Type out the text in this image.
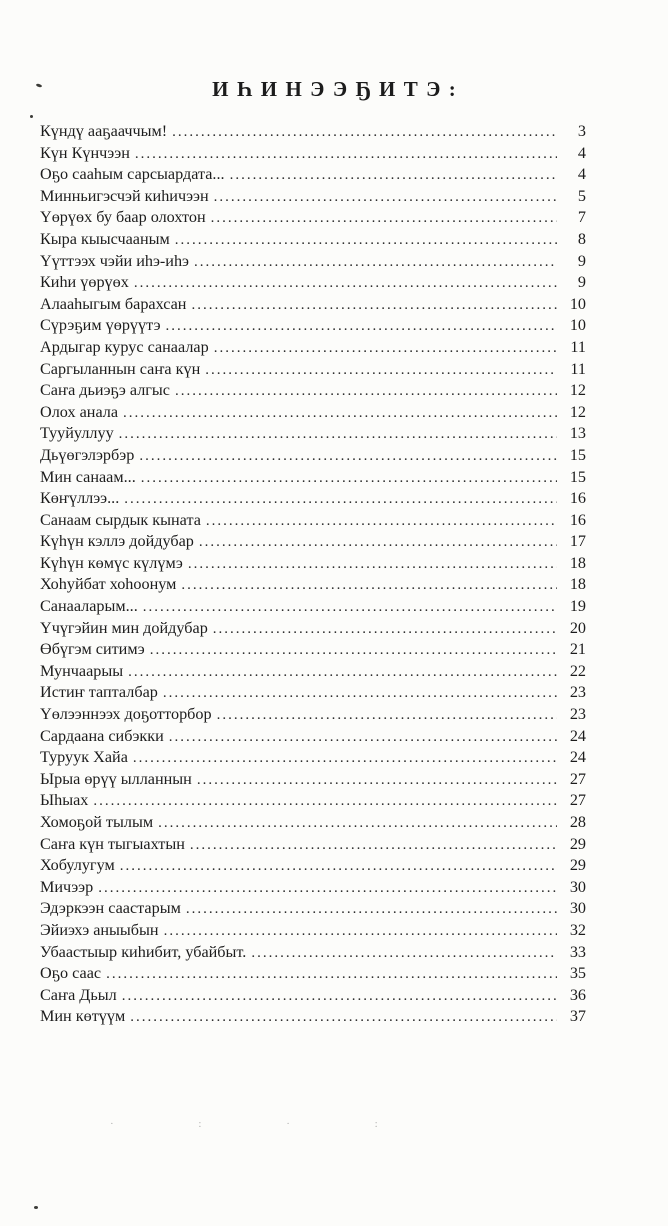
ИҺИНЭЭҔИТЭ:
Күндү ааҕааччым! .....	3
Күн Күнчээн .....	4
Оҕо сааһым сарсыардата... .....	4
Минньигэсчэй киһичээн .....	5
Үөрүөх бу баар олохтон .....	7
Кыра кыысчааным .....	8
Үүттээх чэйи иһэ-иһэ .....	9
Киһи үөрүөх .....	9
Алааһыгым барахсан .....	10
Сүрэҕим үөрүүтэ .....	10
Ардыгар курус санаалар .....	11
Саргыланнын саҥа күн .....	11
Саҥа дьиэҕэ алгыс .....	12
Олох анала .....	12
Тууйуллуу .....	13
Дьүөгэлэрбэр .....	15
Мин санаам... .....	15
Көҥүллээ... .....	16
Санаам сырдык кыната .....	16
Күһүн кэллэ дойдубар .....	17
Күһүн көмүс күлүмэ .....	18
Хоһуйбат хоһоонум .....	18
Санааларым... .....	19
Үчүгэйин мин дойдубар .....	20
Өбүгэм ситимэ .....	21
Мунчаарыы .....	22
Истиҥ тапталбар .....	23
Үөлээннээх доҕотторбор .....	23
Сардаана сибэкки .....	24
Туруук Хайа .....	24
Ырыа өрүү ылланнын .....	27
Ыһыах .....	27
Хомоҕой тылым .....	28
Саҥа күн тыгыахтын .....	29
Хобулугум .....	29
Мичээр .....	30
Эдэркээн саастарым .....	30
Эйиэхэ аныыбын .....	32
Убаастыыр киһибит, убайбыт. .....	33
Оҕо саас .....	35
Саҥа Дьыл .....	36
Мин көтүүм .....	37
· : · :
